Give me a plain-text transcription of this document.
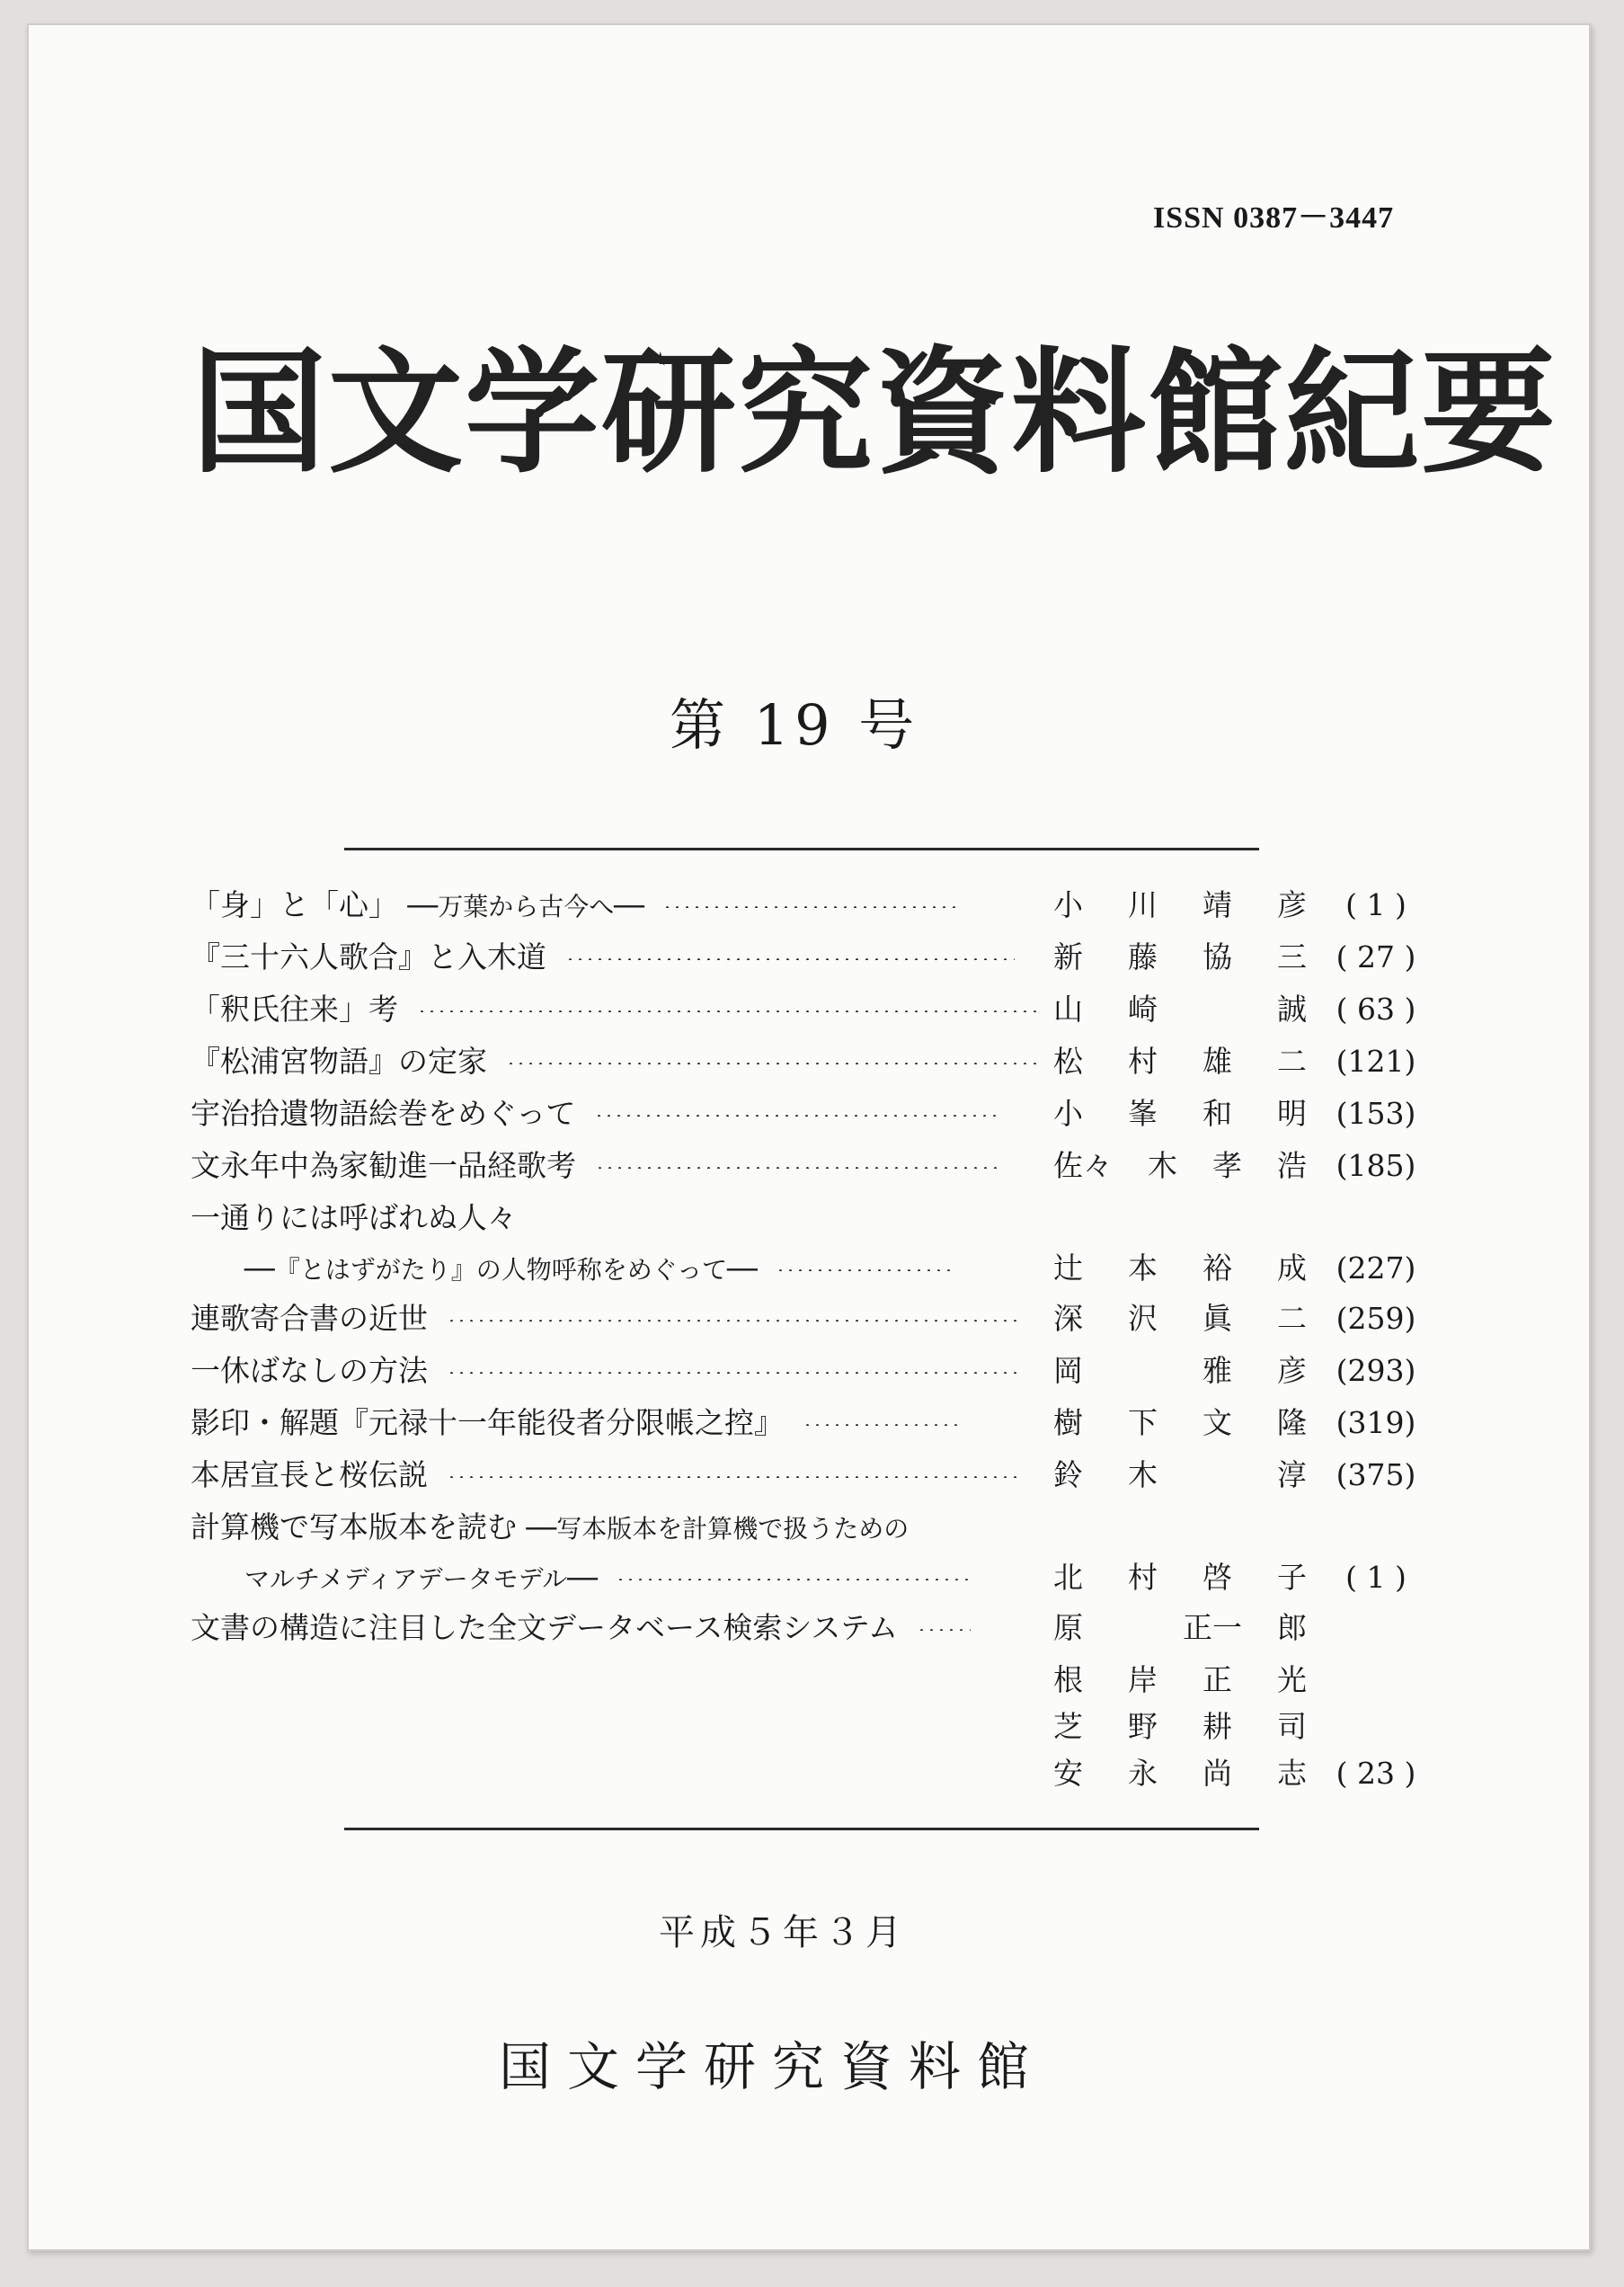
ISSN 0387－3447
国文学研究資料館紀要
第 19 号
「身」と「心」 ──万葉から古今へ──	小 川 靖 彦	( 1 )
『三十六人歌合』と入木道	新 藤 協 三 ( 27 )
「釈氏往来」考	山 崎	誠 ( 63 )
『松浦宮物語』の定家	松 村 雄 二 (121)
宇治拾遺物語絵巻をめぐって	小 峯 和 明 (153)
文永年中為家勧進一品経歌考	佐々 木 孝 浩 (185)
一通りには呼ばれぬ人々
──『とはずがたり』の人物呼称をめぐって──	辻 本 裕 成 (227)
連歌寄合書の近世	深 沢 眞 二 (259)
一休ばなしの方法	岡	雅 彦 (293)
影印・解題『元禄十一年能役者分限帳之控』	樹 下 文 隆 (319)
本居宣長と桜伝説	鈴 木	淳 (375)
計算機で写本版本を読む ──写本版本を計算機で扱うための
マルチメディアデータモデル──	北 村 啓 子	( 1 )
文書の構造に注目した全文データベース検索システム	原	正一 郎
根 岸 正 光
芝 野 耕 司
安 永 尚 志 ( 23 )
平成５年３月
国文学研究資料館
